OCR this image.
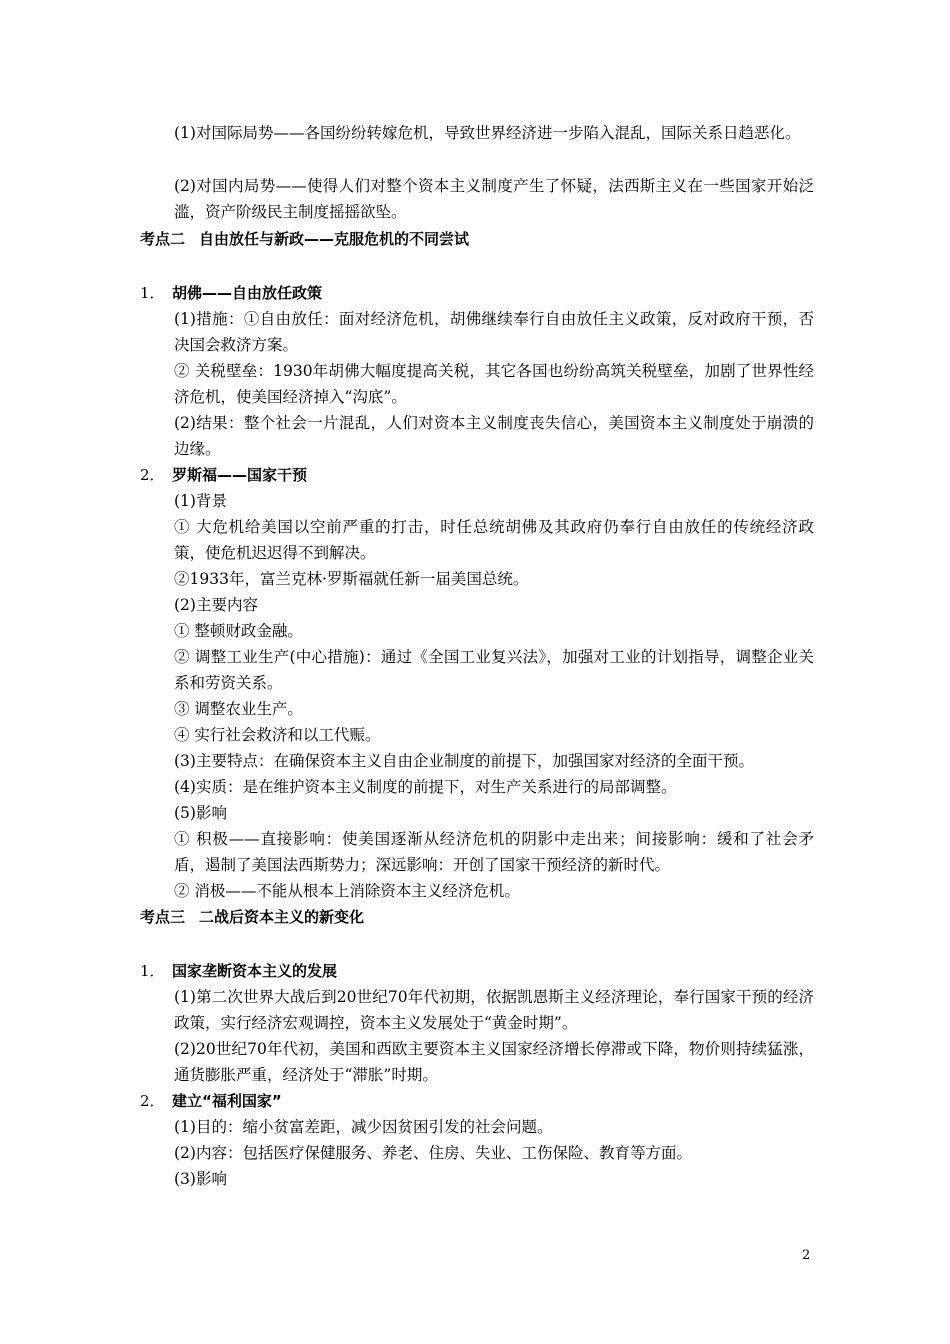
(1)对国际局势——各国纷纷转嫁危机，导致世界经济进一步陷入混乱，国际关系日趋恶化。

(2)对国内局势——使得人们对整个资本主义制度产生了怀疑，法西斯主义在一些国家开始泛滥，资产阶级民主制度摇摇欲坠。

考点二 自由放任与新政——克服危机的不同尝试

1． 胡佛——自由放任政策

(1)措施：①自由放任：面对经济危机，胡佛继续奉行自由放任主义政策，反对政府干预，否决国会救济方案。

② 关税壁垒：1930年胡佛大幅度提高关税，其它各国也纷纷高筑关税壁垒，加剧了世界性经济危机，使美国经济掉入“沟底”。

(2)结果：整个社会一片混乱，人们对资本主义制度丧失信心，美国资本主义制度处于崩溃的边缘。

2． 罗斯福——国家干预

(1)背景

① 大危机给美国以空前严重的打击，时任总统胡佛及其政府仍奉行自由放任的传统经济政策，使危机迟迟得不到解决。

②1933年，富兰克林·罗斯福就任新一届美国总统。

(2)主要内容

① 整顿财政金融。

② 调整工业生产(中心措施)：通过《全国工业复兴法》，加强对工业的计划指导，调整企业关系和劳资关系。

③ 调整农业生产。

④ 实行社会救济和以工代赈。

(3)主要特点：在确保资本主义自由企业制度的前提下，加强国家对经济的全面干预。

(4)实质：是在维护资本主义制度的前提下，对生产关系进行的局部调整。

(5)影响

① 积极——直接影响：使美国逐渐从经济危机的阴影中走出来；间接影响：缓和了社会矛盾，遏制了美国法西斯势力；深远影响：开创了国家干预经济的新时代。

② 消极——不能从根本上消除资本主义经济危机。

考点三 二战后资本主义的新变化

1． 国家垄断资本主义的发展

(1)第二次世界大战后到20世纪70年代初期，依据凯恩斯主义经济理论，奉行国家干预的经济政策，实行经济宏观调控，资本主义发展处于“黄金时期”。

(2)20世纪70年代初，美国和西欧主要资本主义国家经济增长停滞或下降，物价则持续猛涨，通货膨胀严重，经济处于“滞胀”时期。

2． 建立“福利国家”

(1)目的：缩小贫富差距，减少因贫困引发的社会问题。

(2)内容：包括医疗保健服务、养老、住房、失业、工伤保险、教育等方面。

(3)影响

2
